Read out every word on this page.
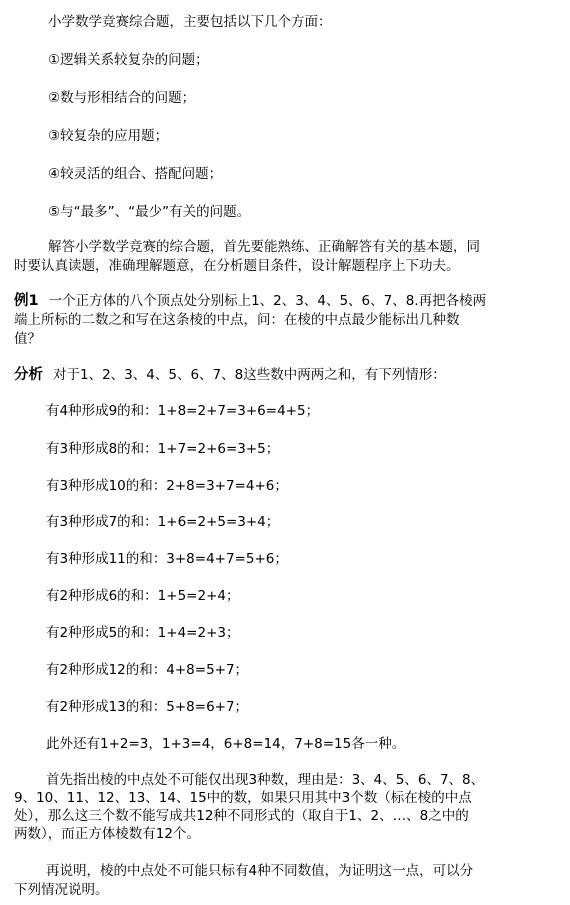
小学数学竞赛综合题，主要包括以下几个方面：
①逻辑关系较复杂的问题；
②数与形相结合的问题；
③较复杂的应用题；
④较灵活的组合、搭配问题；
⑤与“最多”、“最少”有关的问题。
解答小学数学竞赛的综合题，首先要能熟练、正确解答有关的基本题，同
时要认真读题，准确理解题意，在分析题目条件，设计解题程序上下功夫。
例1 一个正方体的八个顶点处分别标上1、2、3、4、5、6、7、8.再把各棱两
端上所标的二数之和写在这条棱的中点，问：在棱的中点最少能标出几种数
值？
分析 对于1、2、3、4、5、6、7、8这些数中两两之和，有下列情形：
有4种形成9的和：1+8=2+7=3+6=4+5；
有3种形成8的和：1+7=2+6=3+5；
有3种形成10的和：2+8=3+7=4+6；
有3种形成7的和：1+6=2+5=3+4；
有3种形成11的和：3+8=4+7=5+6；
有2种形成6的和：1+5=2+4；
有2种形成5的和：1+4=2+3；
有2种形成12的和：4+8=5+7；
有2种形成13的和：5+8=6+7；
此外还有1+2=3，1+3=4，6+8=14，7+8=15各一种。
首先指出棱的中点处不可能仅出现3种数，理由是：3、4、5、6、7、8、
9、10、11、12、13、14、15中的数，如果只用其中3个数（标在棱的中点
处），那么这三个数不能写成共12种不同形式的（取自于1、2、…、8之中的
两数），而正方体棱数有12个。
再说明，棱的中点处不可能只标有4种不同数值，为证明这一点，可以分
下列情况说明。
